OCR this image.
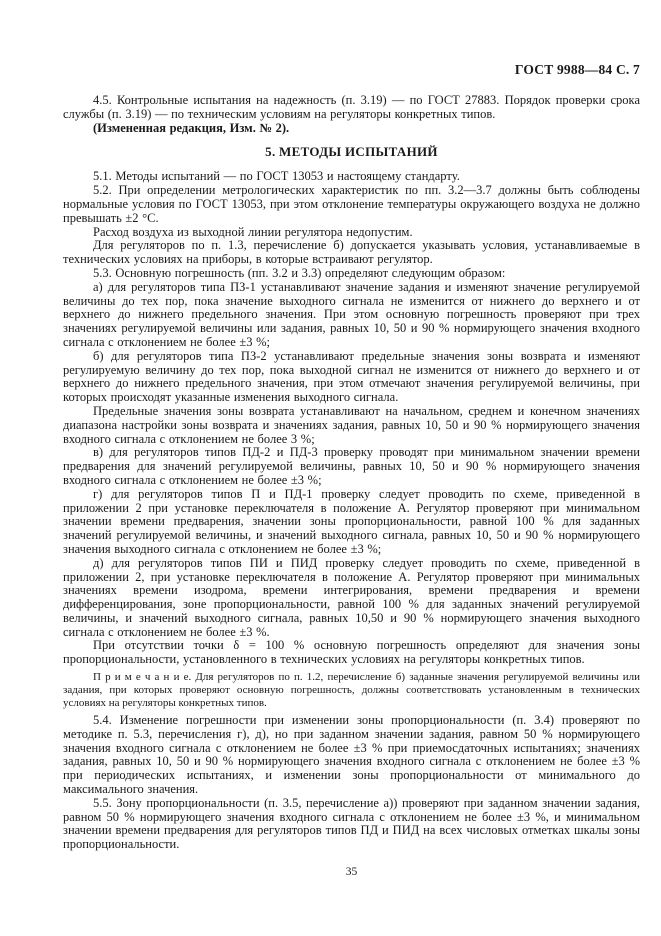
ГОСТ 9988—84 С. 7

4.5. Контрольные испытания на надежность (п. 3.19) — по ГОСТ 27883. Порядок проверки срока службы (п. 3.19) — по техническим условиям на регуляторы конкретных типов.

(Измененная редакция, Изм. № 2).

5. МЕТОДЫ ИСПЫТАНИЙ

5.1. Методы испытаний — по ГОСТ 13053 и настоящему стандарту.

5.2. При определении метрологических характеристик по пп. 3.2—3.7 должны быть соблюдены нормальные условия по ГОСТ 13053, при этом отклонение температуры окружающего воздуха не должно превышать ±2 °С.

Расход воздуха из выходной линии регулятора недопустим.

Для регуляторов по п. 1.3, перечисление б) допускается указывать условия, устанавливаемые в технических условиях на приборы, в которые встраивают регулятор.

5.3. Основную погрешность (пп. 3.2 и 3.3) определяют следующим образом:

а) для регуляторов типа ПЗ-1 устанавливают значение задания и изменяют значение регулируемой величины до тех пор, пока значение выходного сигнала не изменится от нижнего до верхнего и от верхнего до нижнего предельного значения. При этом основную погрешность проверяют при трех значениях регулируемой величины или задания, равных 10, 50 и 90 % нормирующего значения входного сигнала с отклонением не более ±3 %;

б) для регуляторов типа ПЗ-2 устанавливают предельные значения зоны возврата и изменяют регулируемую величину до тех пор, пока выходной сигнал не изменится от нижнего до верхнего и от верхнего до нижнего предельного значения, при этом отмечают значения регулируемой величины, при которых происходят указанные изменения выходного сигнала.

Предельные значения зоны возврата устанавливают на начальном, среднем и конечном значениях диапазона настройки зоны возврата и значениях задания, равных 10, 50 и 90 % нормирующего значения входного сигнала с отклонением не более 3 %;

в) для регуляторов типов ПД-2 и ПД-3 проверку проводят при минимальном значении времени предварения для значений регулируемой величины, равных 10, 50 и 90 % нормирующего значения входного сигнала с отклонением не более ±3 %;

г) для регуляторов типов П и ПД-1 проверку следует проводить по схеме, приведенной в приложении 2 при установке переключателя в положение А. Регулятор проверяют при минимальном значении времени предварения, значении зоны пропорциональности, равной 100 % для заданных значений регулируемой величины, и значений выходного сигнала, равных 10, 50 и 90 % нормирующего значения выходного сигнала с отклонением не более ±3 %;

д) для регуляторов типов ПИ и ПИД проверку следует проводить по схеме, приведенной в приложении 2, при установке переключателя в положение А. Регулятор проверяют при минимальных значениях времени изодрома, времени интегрирования, времени предварения и времени дифференцирования, зоне пропорциональности, равной 100 % для заданных значений регулируемой величины, и значений выходного сигнала, равных 10,50 и 90 % нормирующего значения выходного сигнала с отклонением не более ±3 %.

При отсутствии точки δ = 100 % основную погрешность определяют для значения зоны пропорциональности, установленного в технических условиях на регуляторы конкретных типов.

П р и м е ч а н и е. Для регуляторов по п. 1.2, перечисление б) заданные значения регулируемой величины или задания, при которых проверяют основную погрешность, должны соответствовать установленным в технических условиях на регуляторы конкретных типов.

5.4. Изменение погрешности при изменении зоны пропорциональности (п. 3.4) проверяют по методике п. 5.3, перечисления г), д), но при заданном значении задания, равном 50 % нормирующего значения входного сигнала с отклонением не более ±3 % при приемосдаточных испытаниях; значениях задания, равных 10, 50 и 90 % нормирующего значения входного сигнала с отклонением не более ±3 % при периодических испытаниях, и изменении зоны пропорциональности от минимального до максимального значения.

5.5. Зону пропорциональности (п. 3.5, перечисление а)) проверяют при заданном значении задания, равном 50 % нормирующего значения входного сигнала с отклонением не более ±3 %, и минимальном значении времени предварения для регуляторов типов ПД и ПИД на всех числовых отметках шкалы зоны пропорциональности.

35
